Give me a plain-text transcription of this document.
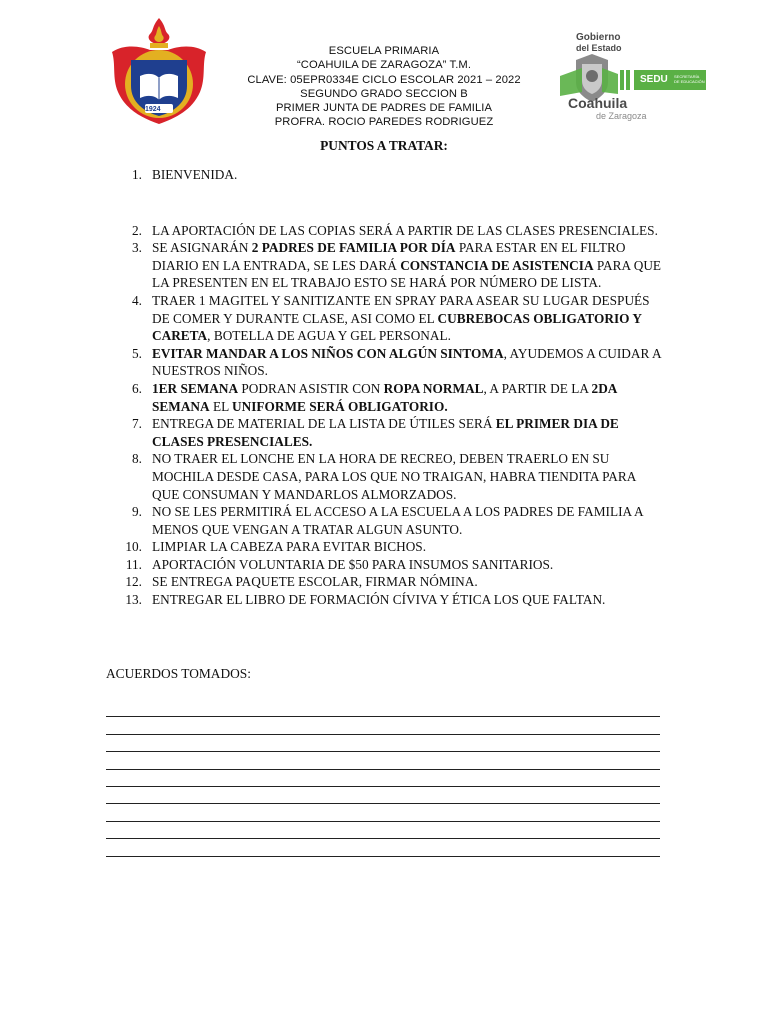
1924
ESCUELA PRIMARIA
“COAHUILA DE ZARAGOZA” T.M.
CLAVE: 05EPR0334E CICLO ESCOLAR 2021 – 2022
SEGUNDO GRADO SECCION B
PRIMER JUNTA DE PADRES DE FAMILIA
PROFRA. ROCIO PAREDES RODRIGUEZ
Gobierno
del Estado
SEDU SECRETARÍA
DE EDUCACIÓN
Coahuila
de Zaragoza
PUNTOS A TRATAR:
1. BIENVENIDA.
2. LA APORTACIÓN DE LAS COPIAS SERÁ A PARTIR DE LAS CLASES PRESENCIALES.
3. SE ASIGNARÁN 2 PADRES DE FAMILIA POR DÍA PARA ESTAR EN EL FILTRO DIARIO EN LA ENTRADA, SE LES DARÁ CONSTANCIA DE ASISTENCIA PARA QUE LA PRESENTEN EN EL TRABAJO ESTO SE HARÁ POR NÚMERO DE LISTA.
4. TRAER 1 MAGITEL Y SANITIZANTE EN SPRAY PARA ASEAR SU LUGAR DESPUÉS DE COMER Y DURANTE CLASE, ASI COMO EL CUBREBOCAS OBLIGATORIO Y CARETA, BOTELLA DE AGUA Y GEL PERSONAL.
5. EVITAR MANDAR A LOS NIÑOS CON ALGÚN SINTOMA, AYUDEMOS A CUIDAR A NUESTROS NIÑOS.
6. 1ER SEMANA PODRAN ASISTIR CON ROPA NORMAL, A PARTIR DE LA 2DA SEMANA EL UNIFORME SERÁ OBLIGATORIO.
7. ENTREGA DE MATERIAL DE LA LISTA DE ÚTILES SERÁ EL PRIMER DIA DE CLASES PRESENCIALES.
8. NO TRAER EL LONCHE EN LA HORA DE RECREO, DEBEN TRAERLO EN SU MOCHILA DESDE CASA, PARA LOS QUE NO TRAIGAN, HABRA TIENDITA PARA QUE CONSUMAN Y MANDARLOS ALMORZADOS.
9. NO SE LES PERMITIRÁ EL ACCESO A LA ESCUELA A LOS PADRES DE FAMILIA A MENOS QUE VENGAN A TRATAR ALGUN ASUNTO.
10. LIMPIAR LA CABEZA PARA EVITAR BICHOS.
11. APORTACIÓN VOLUNTARIA DE $50 PARA INSUMOS SANITARIOS.
12. SE ENTREGA PAQUETE ESCOLAR, FIRMAR NÓMINA.
13. ENTREGAR EL LIBRO DE FORMACIÓN CÍVIVA Y ÉTICA LOS QUE FALTAN.
ACUERDOS TOMADOS:
